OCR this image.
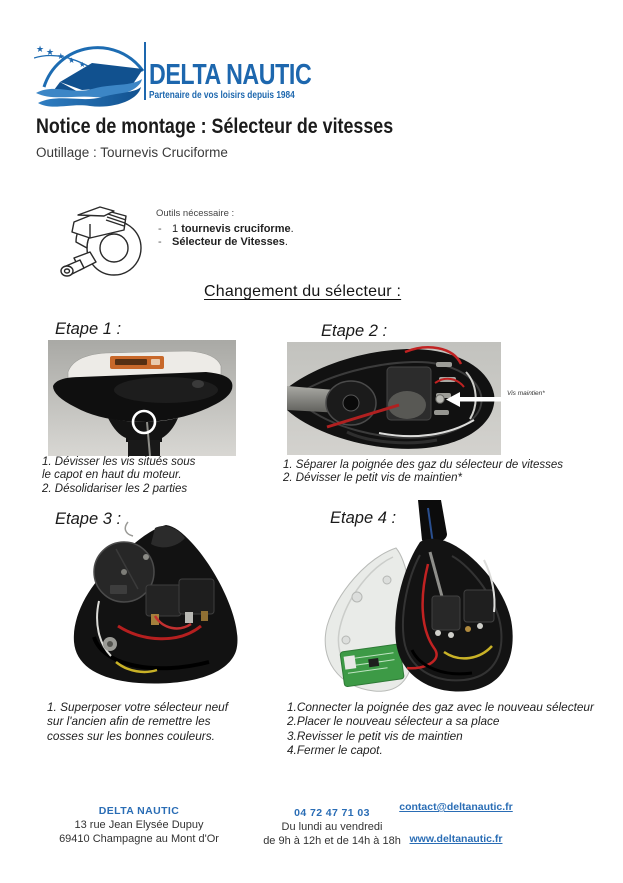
★ ★ ★ ★ ★ DELTA NAUTIC
Partenaire de vos loisirs depuis 1984
Notice de montage : Sélecteur de vitesses
Outillage : Tournevis Cruciforme
Outils nécessaire :
- 1 tournevis cruciforme.
- Sélecteur de Vitesses.
Changement du sélecteur :
Etape 1 :	Etape 2 :
Etape 3 :	Etape 4 :
Vis maintien*
1. Dévisser les vis situés sous
le capot en haut du moteur.
2. Désolidariser les 2 parties
1. Séparer la poignée des gaz du sélecteur de vitesses
2. Dévisser le petit vis de maintien*
1. Superposer votre sélecteur neuf
sur l'ancien afin de remettre les
cosses sur les bonnes couleurs.
1.Connecter la poignée des gaz avec le nouveau sélecteur
2.Placer le nouveau sélecteur a sa place
3.Revisser le petit vis de maintien
4.Fermer le capot.
DELTA NAUTIC
13 rue Jean Elysée Dupuy
69410 Champagne au Mont d'Or
04 72 47 71 03
Du lundi au vendredi
de 9h à 12h et de 14h à 18h
contact@deltanautic.fr
www.deltanautic.fr
